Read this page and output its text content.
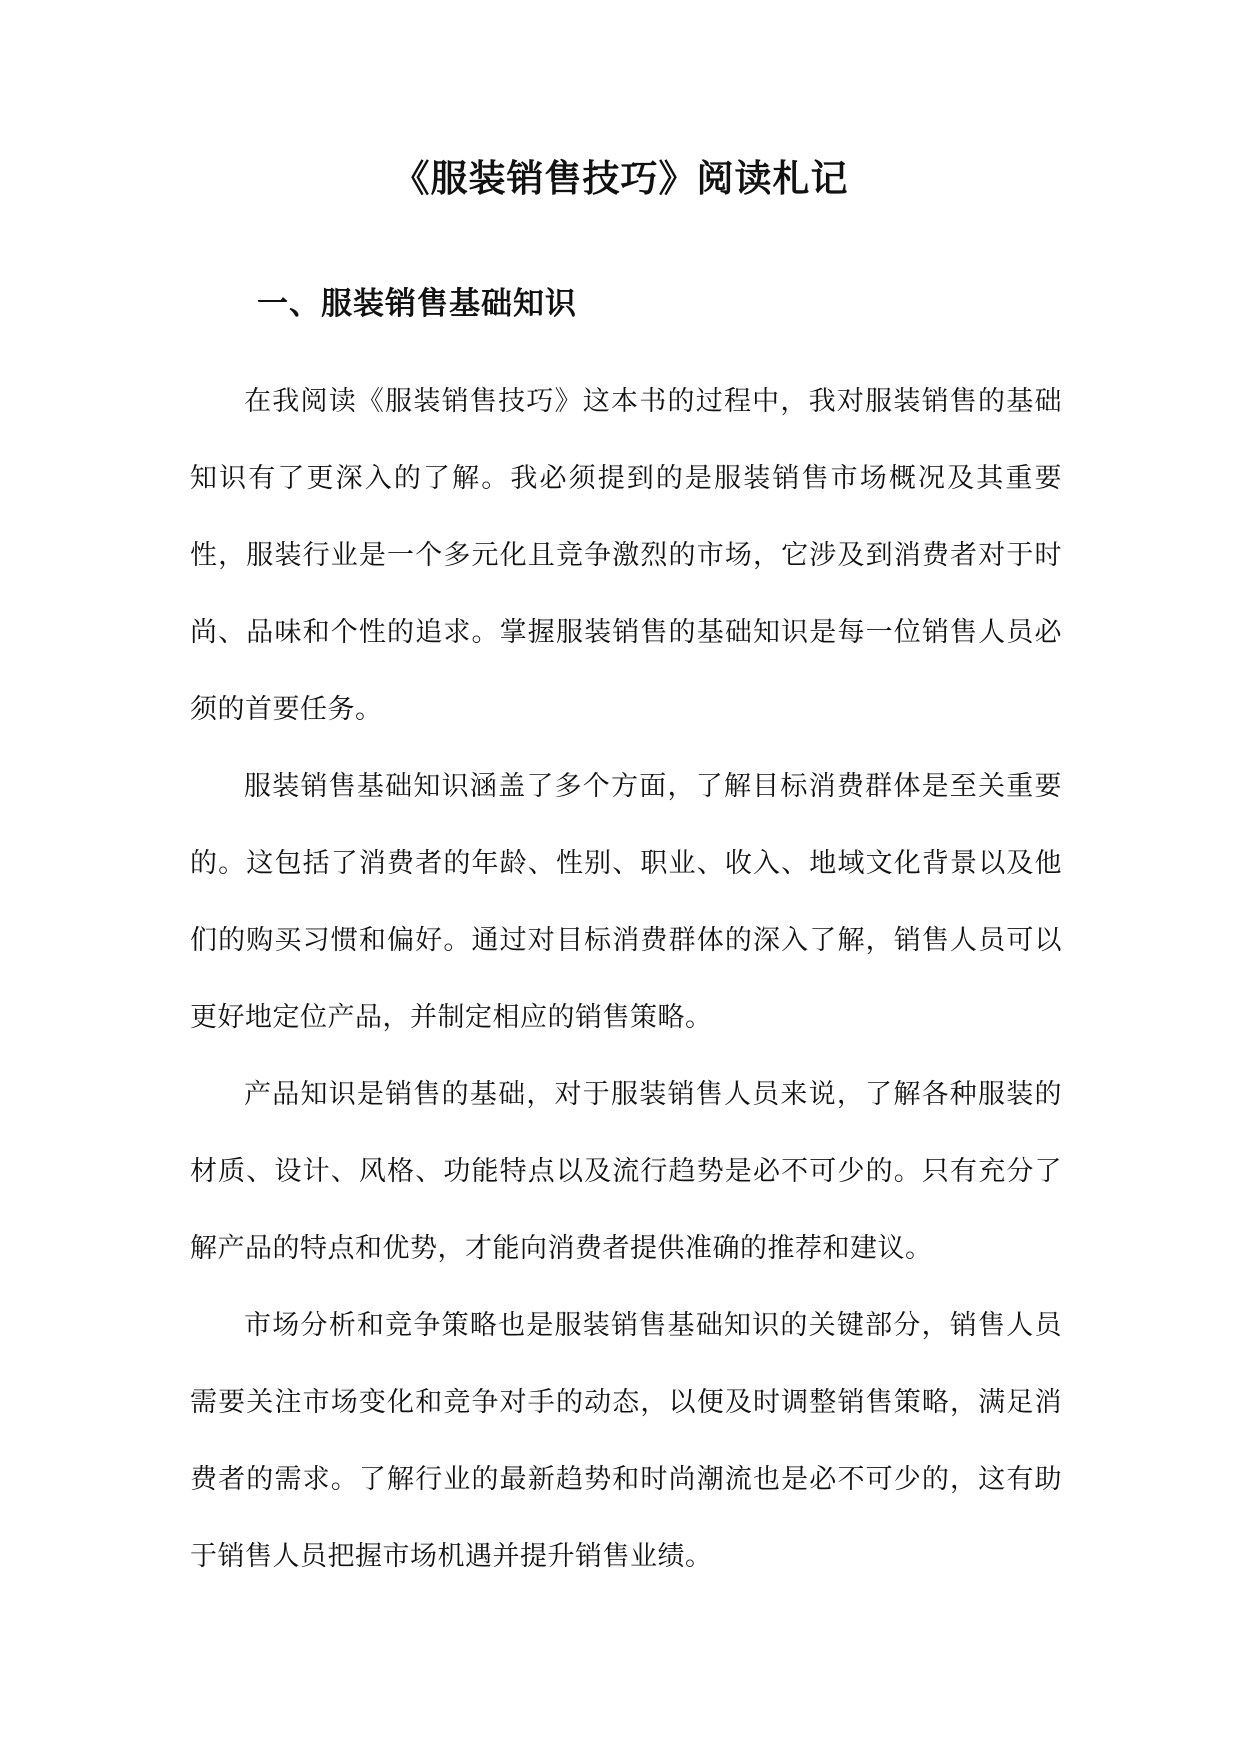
《服装销售技巧》阅读札记
一、服装销售基础知识

在我阅读《服装销售技巧》这本书的过程中，我对服装销售的基础知识有了更深入的了解。我必须提到的是服装销售市场概况及其重要性，服装行业是一个多元化且竞争激烈的市场，它涉及到消费者对于时尚、品味和个性的追求。掌握服装销售的基础知识是每一位销售人员必须的首要任务。

服装销售基础知识涵盖了多个方面，了解目标消费群体是至关重要的。这包括了消费者的年龄、性别、职业、收入、地域文化背景以及他们的购买习惯和偏好。通过对目标消费群体的深入了解，销售人员可以更好地定位产品，并制定相应的销售策略。

产品知识是销售的基础，对于服装销售人员来说，了解各种服装的材质、设计、风格、功能特点以及流行趋势是必不可少的。只有充分了解产品的特点和优势，才能向消费者提供准确的推荐和建议。

市场分析和竞争策略也是服装销售基础知识的关键部分，销售人员需要关注市场变化和竞争对手的动态，以便及时调整销售策略，满足消费者的需求。了解行业的最新趋势和时尚潮流也是必不可少的，这有助于销售人员把握市场机遇并提升销售业绩。
